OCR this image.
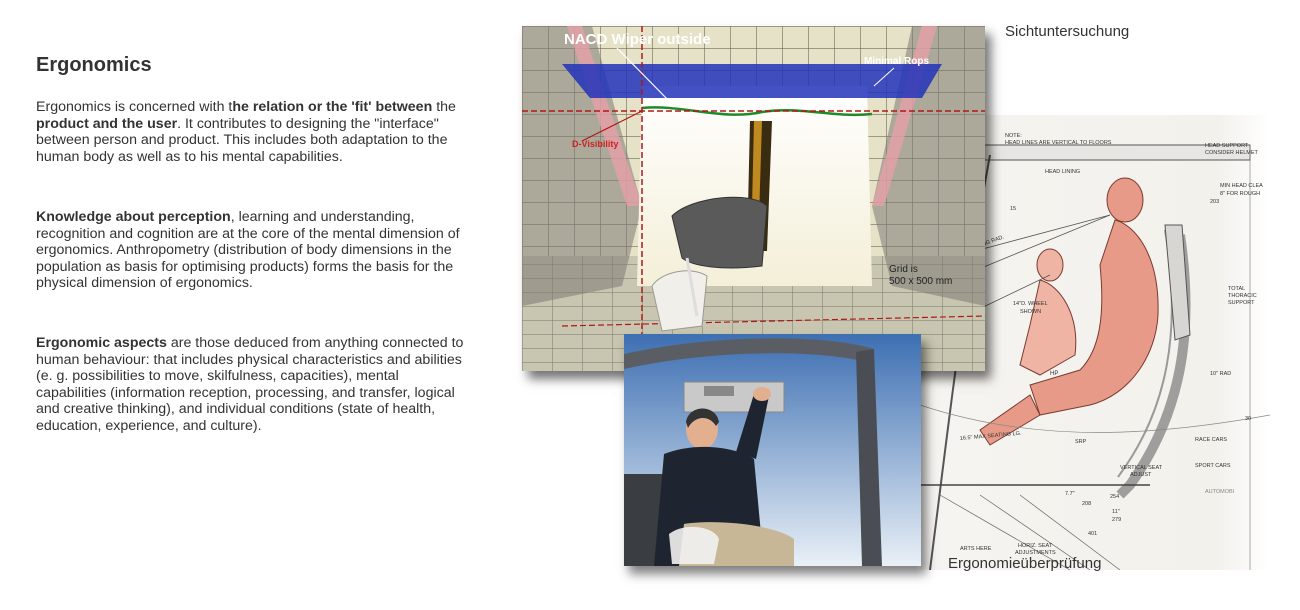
Ergonomics

Ergonomics is concerned with the relation or the 'fit' between the product and the user. It contributes to designing the "interface" between person and product. This includes both adaptation to the human body as well as to his mental capabilities.

Knowledge about perception, learning and understanding, recognition and cognition are at the core of the mental dimension of ergonomics. Anthropometry (distribution of body dimensions in the population as basis for optimising products) forms the basis for the physical dimension of ergonomics.

Ergonomic aspects are those deduced from anything connected to human behaviour: that includes physical characteristics and abilities (e. g. possibilities to move, skilfulness, capacities), mental capabilities (information reception, processing, and transfer, logical and creative thinking), and individual conditions (state of health, education, experience, and culture).

Sichtuntersuchung
NOTE:
HEAD LINES ARE VERTICAL TO FLOORS	HEAD SUPPORT
CONSIDER HELMET
HEAD LINING
MIN HEAD CLEA
8" FOR ROUGH
203
RAD.
15
14"D. WHEEL
SHOWN
TOTAL
THORACIC
SUPPORT
10" RAD
HP
30
RACE CARS
SPORT CARS
AUTOMOBI
VERTICAL SEAT
ADJUST
16.5" MAX SEATING LG.
SRP
7.7"
208
254
11"
279
401
HORIZ. SEAT
ADJUSTMENTS
ARTS HERE
NACD Wiper outside
Minimal Rops
D-Visibility
Grid is
500 x 500 mm
Ergonomieüberprüfung
